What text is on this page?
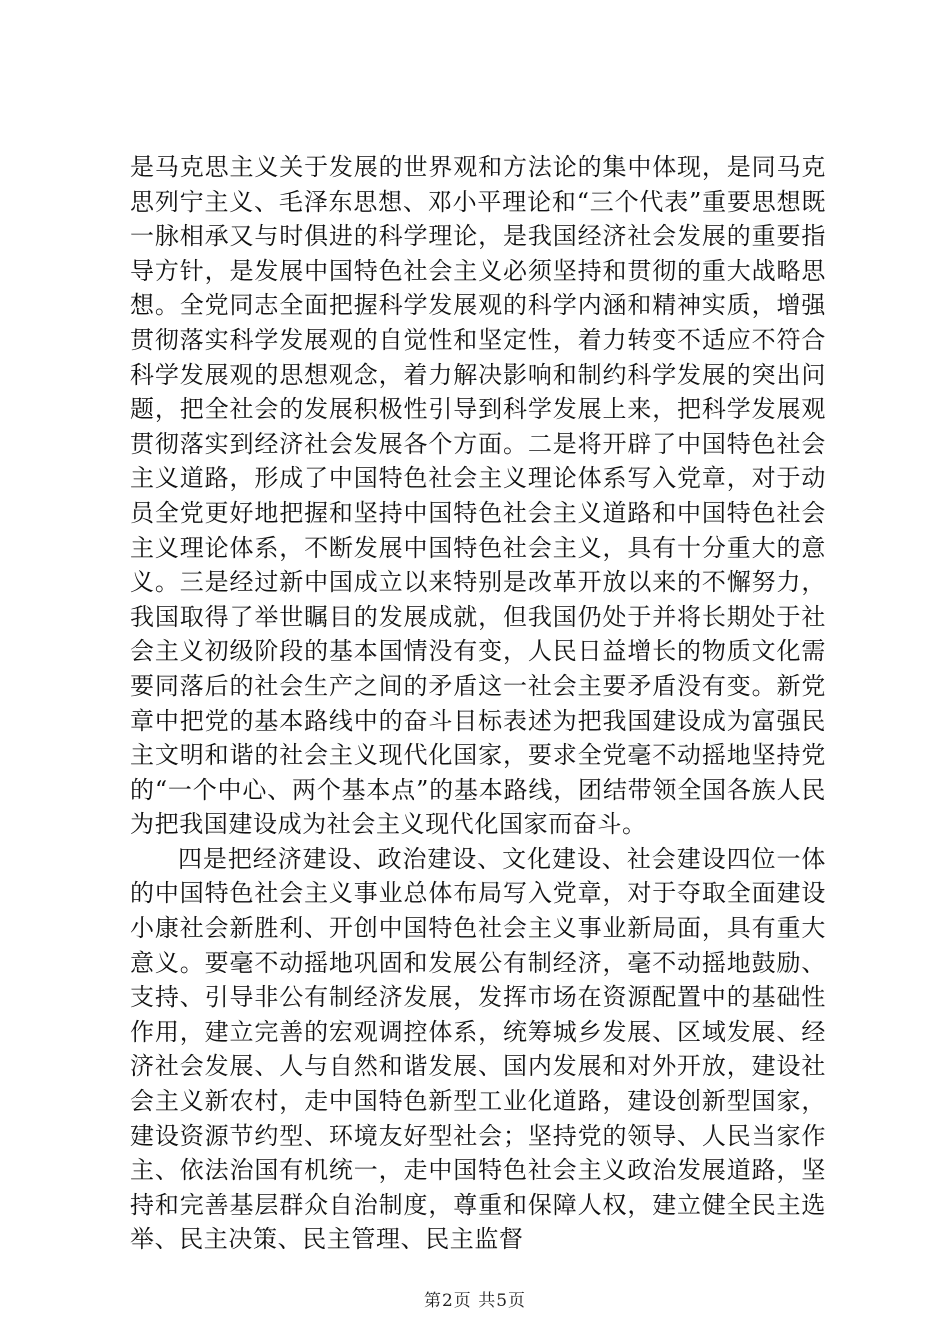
是马克思主义关于发展的世界观和方法论的集中体现，是同马克思列宁主义、毛泽东思想、邓小平理论和“三个代表”重要思想既一脉相承又与时俱进的科学理论，是我国经济社会发展的重要指导方针，是发展中国特色社会主义必须坚持和贯彻的重大战略思想。全党同志全面把握科学发展观的科学内涵和精神实质，增强贯彻落实科学发展观的自觉性和坚定性，着力转变不适应不符合科学发展观的思想观念，着力解决影响和制约科学发展的突出问题，把全社会的发展积极性引导到科学发展上来，把科学发展观贯彻落实到经济社会发展各个方面。二是将开辟了中国特色社会主义道路，形成了中国特色社会主义理论体系写入党章，对于动员全党更好地把握和坚持中国特色社会主义道路和中国特色社会主义理论体系，不断发展中国特色社会主义，具有十分重大的意义。三是经过新中国成立以来特别是改革开放以来的不懈努力，我国取得了举世瞩目的发展成就，但我国仍处于并将长期处于社会主义初级阶段的基本国情没有变，人民日益增长的物质文化需要同落后的社会生产之间的矛盾这一社会主要矛盾没有变。新党章中把党的基本路线中的奋斗目标表述为把我国建设成为富强民主文明和谐的社会主义现代化国家，要求全党毫不动摇地坚持党的“一个中心、两个基本点”的基本路线，团结带领全国各族人民为把我国建设成为社会主义现代化国家而奋斗。

四是把经济建设、政治建设、文化建设、社会建设四位一体的中国特色社会主义事业总体布局写入党章，对于夺取全面建设小康社会新胜利、开创中国特色社会主义事业新局面，具有重大意义。要毫不动摇地巩固和发展公有制经济，毫不动摇地鼓励、支持、引导非公有制经济发展，发挥市场在资源配置中的基础性作用，建立完善的宏观调控体系，统筹城乡发展、区域发展、经济社会发展、人与自然和谐发展、国内发展和对外开放，建设社会主义新农村，走中国特色新型工业化道路，建设创新型国家，建设资源节约型、环境友好型社会；坚持党的领导、人民当家作主、依法治国有机统一，走中国特色社会主义政治发展道路，坚持和完善基层群众自治制度，尊重和保障人权，建立健全民主选举、民主决策、民主管理、民主监督

第2页 共5页
